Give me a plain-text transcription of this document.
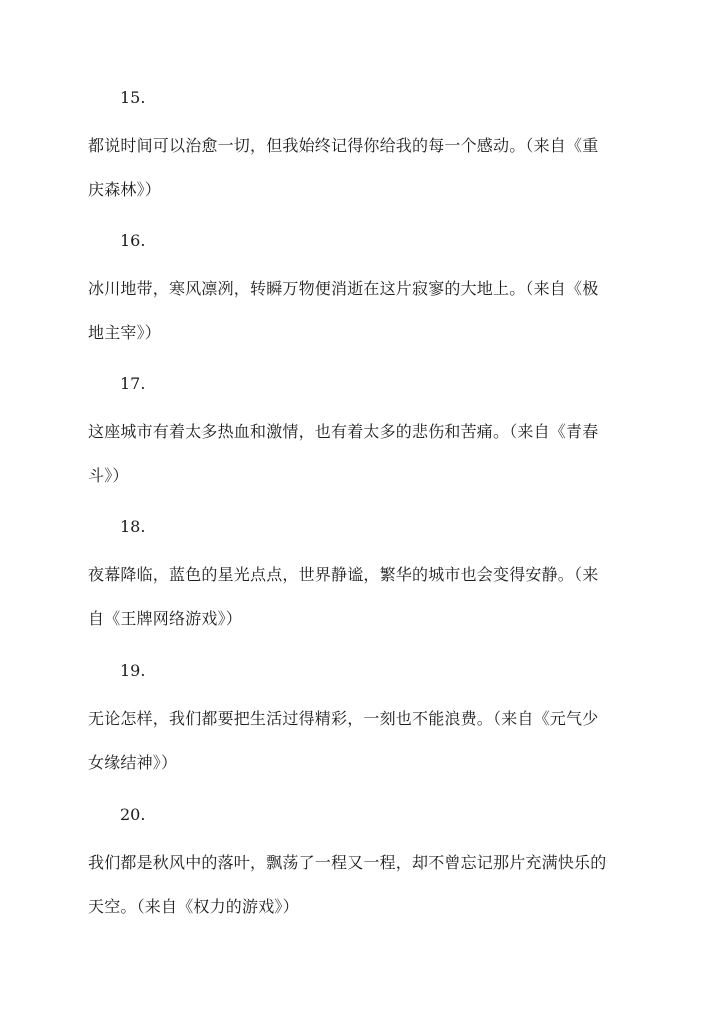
15.
都说时间可以治愈一切，但我始终记得你给我的每一个感动。（来自《重
庆森林》）
16.
冰川地带，寒风凛冽，转瞬万物便消逝在这片寂寥的大地上。（来自《极
地主宰》）
17.
这座城市有着太多热血和激情，也有着太多的悲伤和苦痛。（来自《青春
斗》）
18.
夜幕降临，蓝色的星光点点，世界静谧，繁华的城市也会变得安静。（来
自《王牌网络游戏》）
19.
无论怎样，我们都要把生活过得精彩，一刻也不能浪费。（来自《元气少
女缘结神》）
20.
我们都是秋风中的落叶，飘荡了一程又一程，却不曾忘记那片充满快乐的
天空。（来自《权力的游戏》）
